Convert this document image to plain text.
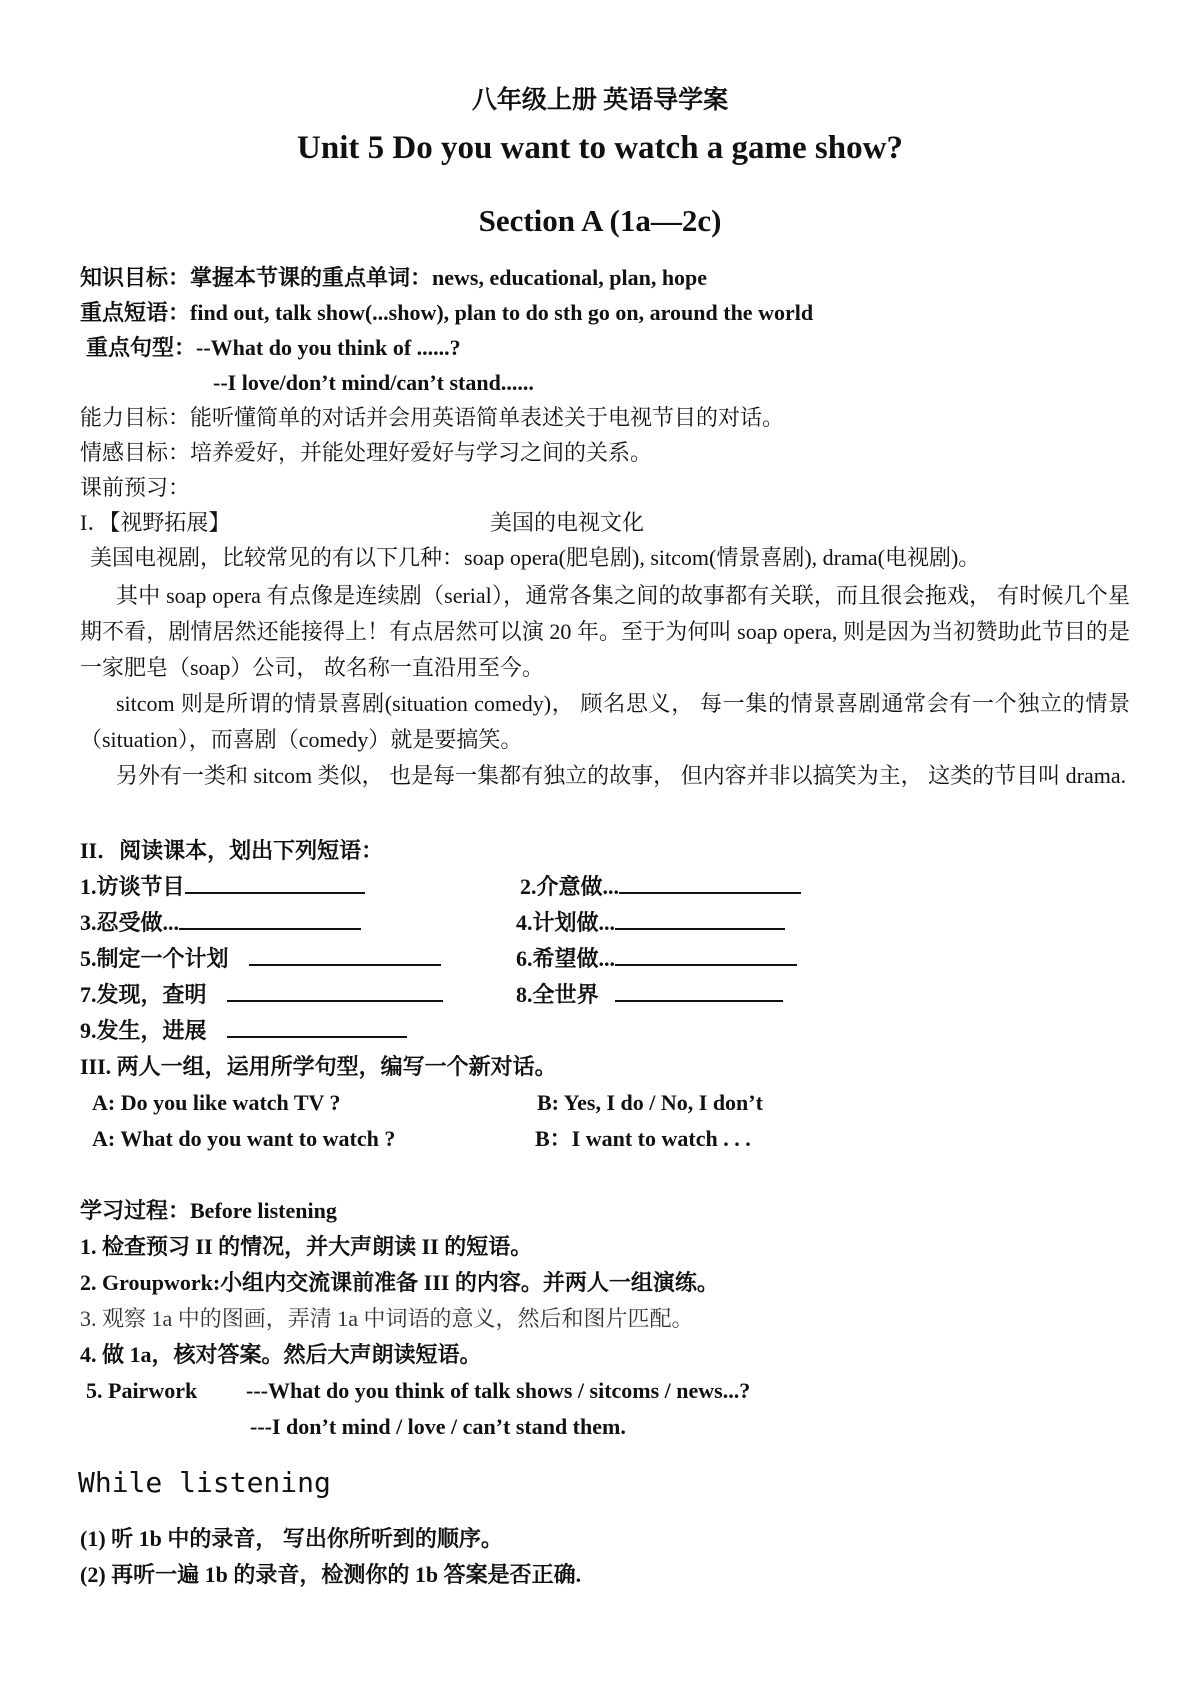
八年级上册 英语导学案
Unit 5 Do you want to watch a game show?
Section A (1a—2c)
知识目标：掌握本节课的重点单词：news, educational, plan, hope
重点短语：find out, talk show(...show), plan to do sth go on, around the world
重点句型：--What do you think of ......?
--I love/don’t mind/can’t stand......
能力目标：能听懂简单的对话并会用英语简单表述关于电视节目的对话。
情感目标：培养爱好，并能处理好爱好与学习之间的关系。
课前预习：
I．【视野拓展】	美国的电视文化
美国电视剧，比较常见的有以下几种：soap opera(肥皂剧), sitcom(情景喜剧), drama(电视剧)。
其中 soap opera 有点像是连续剧（serial），通常各集之间的故事都有关联，而且很会拖戏， 有时候几个星期不看，剧情居然还能接得上！有点居然可以演 20 年。至于为何叫 soap opera, 则是因为当初赞助此节目的是一家肥皂（soap）公司， 故名称一直沿用至今。
sitcom 则是所谓的情景喜剧(situation comedy)， 顾名思义， 每一集的情景喜剧通常会有一个独立的情景（situation），而喜剧（comedy）就是要搞笑。
另外有一类和 sitcom 类似， 也是每一集都有独立的故事， 但内容并非以搞笑为主， 这类的节目叫 drama.
II．阅读课本，划出下列短语：
1.访谈节目	2.介意做...
3.忍受做...	4.计划做...
5.制定一个计划	6.希望做...
7.发现，查明	8.全世界
9.发生，进展
III. 两人一组，运用所学句型，编写一个新对话。
A: Do you like watch TV ?	B: Yes, I do / No, I don’t
A: What do you want to watch ?	B：I want to watch . . .
学习过程：Before listening
1. 检查预习 II 的情况，并大声朗读 II 的短语。
2. Groupwork:小组内交流课前准备 III 的内容。并两人一组演练。
3. 观察 1a 中的图画，弄清 1a 中词语的意义，然后和图片匹配。
4. 做 1a，核对答案。然后大声朗读短语。
5. Pairwork ---What do you think of talk shows / sitcoms / news...?
---I don’t mind / love / can’t stand them.
While listening
(1) 听 1b 中的录音， 写出你所听到的顺序。
(2) 再听一遍 1b 的录音，检测你的 1b 答案是否正确.
